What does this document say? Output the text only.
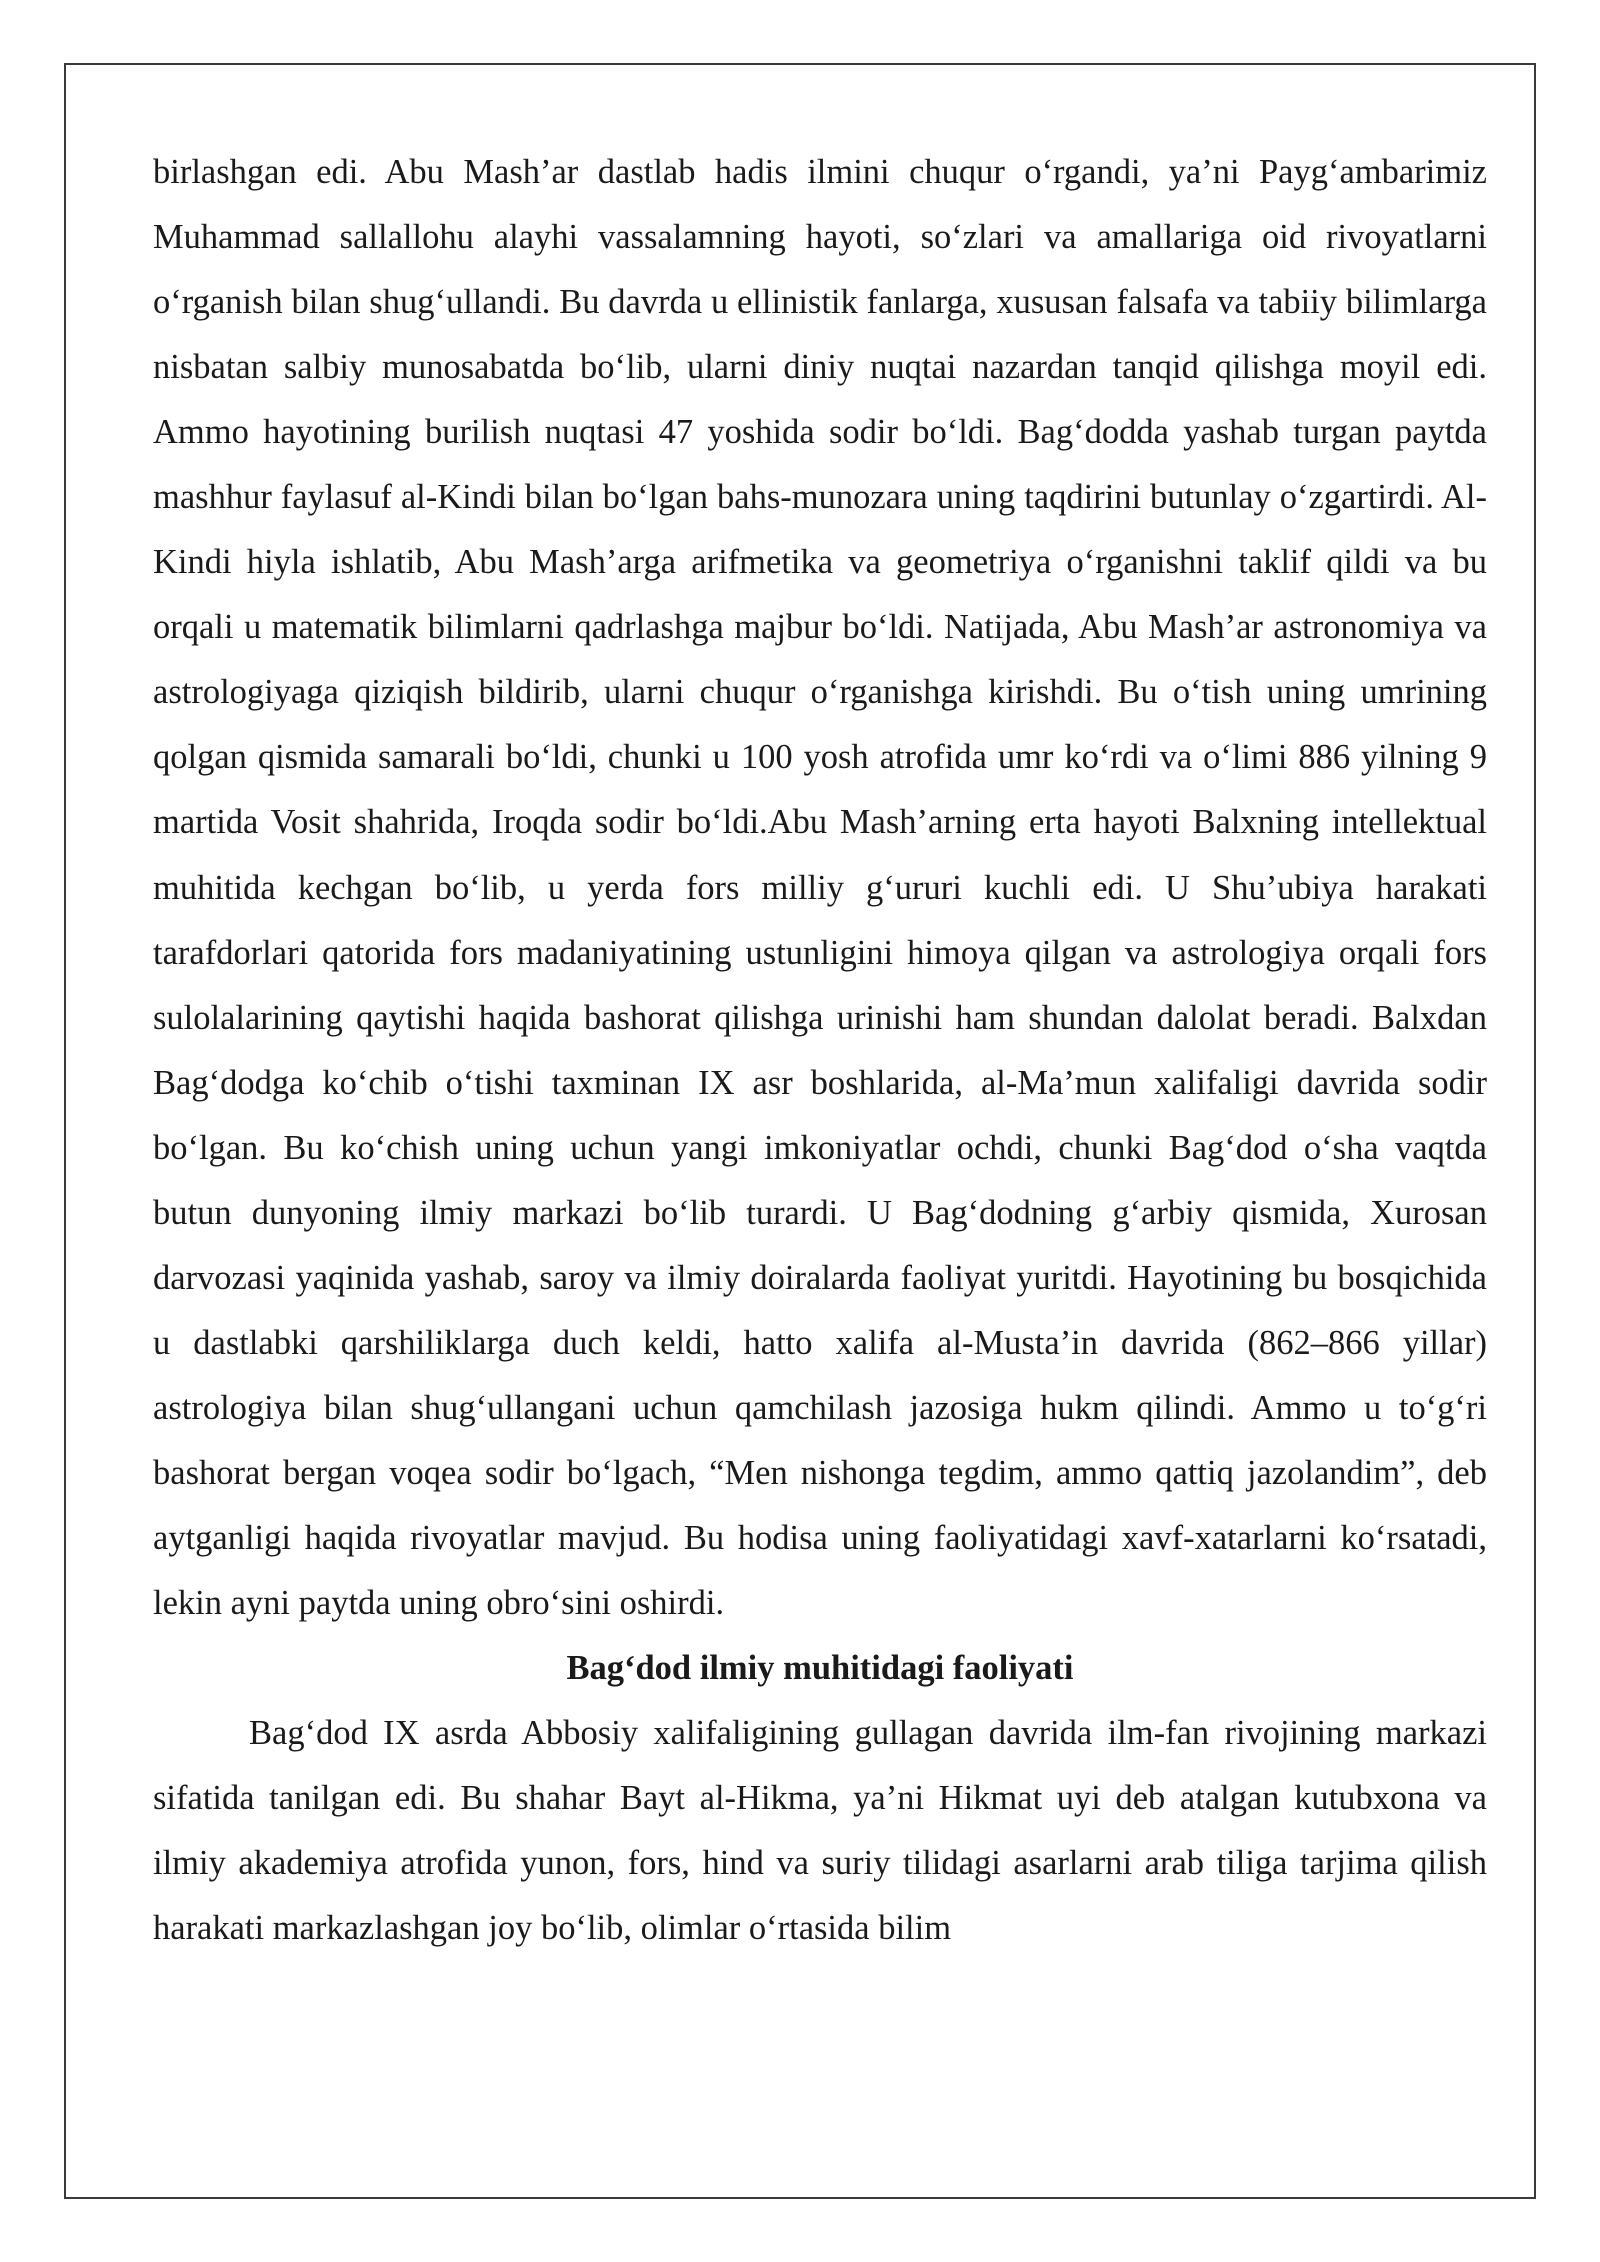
birlashgan edi. Abu Mash’ar dastlab hadis ilmini chuqur o‘rgandi, ya’ni Payg‘ambarimiz Muhammad sallallohu alayhi vassalamning hayoti, so‘zlari va amallariga oid rivoyatlarni o‘rganish bilan shug‘ullandi. Bu davrda u ellinistik fanlarga, xususan falsafa va tabiiy bilimlarga nisbatan salbiy munosabatda bo‘lib, ularni diniy nuqtai nazardan tanqid qilishga moyil edi. Ammo hayotining burilish nuqtasi 47 yoshida sodir bo‘ldi. Bag‘dodda yashab turgan paytda mashhur faylasuf al-Kindi bilan bo‘lgan bahs-munozara uning taqdirini butunlay o‘zgartirdi. Al-Kindi hiyla ishlatib, Abu Mash’arga arifmetika va geometriya o‘rganishni taklif qildi va bu orqali u matematik bilimlarni qadrlashga majbur bo‘ldi. Natijada, Abu Mash’ar astronomiya va astrologiyaga qiziqish bildirib, ularni chuqur o‘rganishga kirishdi. Bu o‘tish uning umrining qolgan qismida samarali bo‘ldi, chunki u 100 yosh atrofida umr ko‘rdi va o‘limi 886 yilning 9 martida Vosit shahrida, Iroqda sodir bo‘ldi.Abu Mash’arning erta hayoti Balxning intellektual muhitida kechgan bo‘lib, u yerda fors milliy g‘ururi kuchli edi. U Shu’ubiya harakati tarafdorlari qatorida fors madaniyatining ustunligini himoya qilgan va astrologiya orqali fors sulolalarining qaytishi haqida bashorat qilishga urinishi ham shundan dalolat beradi. Balxdan Bag‘dodga ko‘chib o‘tishi taxminan IX asr boshlarida, al-Ma’mun xalifaligi davrida sodir bo‘lgan. Bu ko‘chish uning uchun yangi imkoniyatlar ochdi, chunki Bag‘dod o‘sha vaqtda butun dunyoning ilmiy markazi bo‘lib turardi. U Bag‘dodning g‘arbiy qismida, Xurosan darvozasi yaqinida yashab, saroy va ilmiy doiralarda faoliyat yuritdi. Hayotining bu bosqichida u dastlabki qarshiliklarga duch keldi, hatto xalifa al-Musta’in davrida (862–866 yillar) astrologiya bilan shug‘ullangani uchun qamchilash jazosiga hukm qilindi. Ammo u to‘g‘ri bashorat bergan voqea sodir bo‘lgach, “Men nishonga tegdim, ammo qattiq jazolandim”, deb aytganligi haqida rivoyatlar mavjud. Bu hodisa uning faoliyatidagi xavf-xatarlarni ko‘rsatadi, lekin ayni paytda uning obro‘sini oshirdi.

Bag‘dod ilmiy muhitidagi faoliyati

Bag‘dod IX asrda Abbosiy xalifaligining gullagan davrida ilm-fan rivojining markazi sifatida tanilgan edi. Bu shahar Bayt al-Hikma, ya’ni Hikmat uyi deb atalgan kutubxona va ilmiy akademiya atrofida yunon, fors, hind va suriy tilidagi asarlarni arab tiliga tarjima qilish harakati markazlashgan joy bo‘lib, olimlar o‘rtasida bilim
